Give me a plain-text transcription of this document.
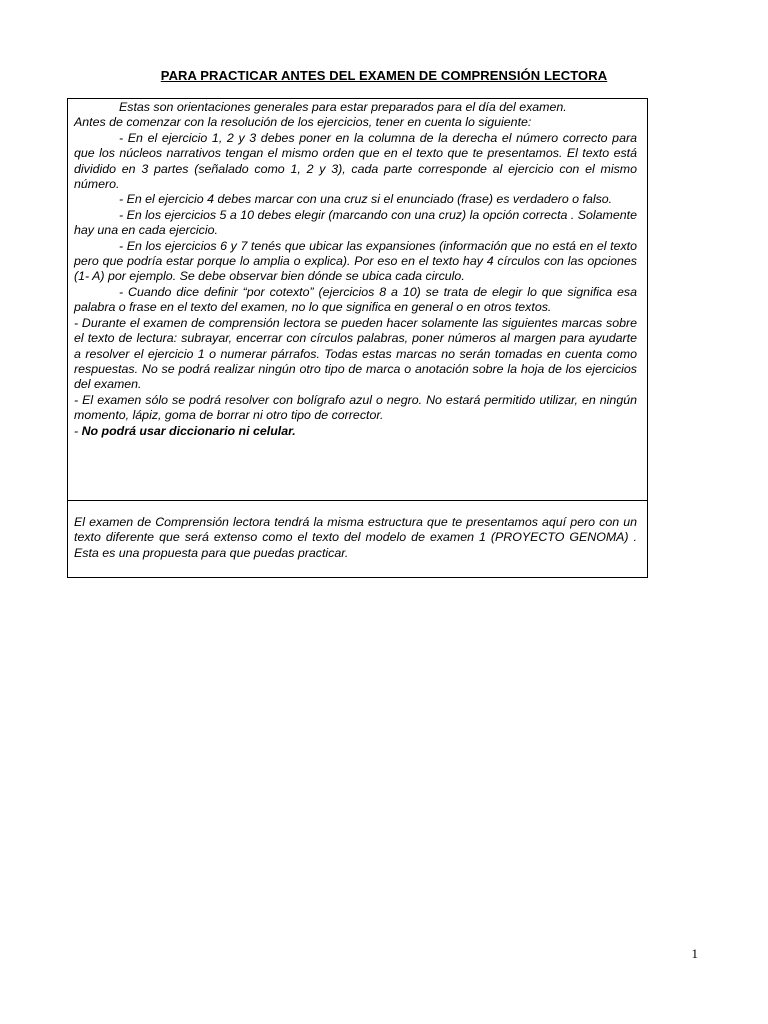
PARA PRACTICAR ANTES DEL EXAMEN DE COMPRENSIÓN LECTORA

Estas son orientaciones generales para estar preparados para el día del examen.

Antes de comenzar con la resolución de los ejercicios, tener en cuenta lo siguiente:

- En el ejercicio 1, 2 y 3 debes poner en la columna de la derecha el número correcto para que los núcleos narrativos tengan el mismo orden que en el texto que te presentamos. El texto está dividido en 3 partes (señalado como 1, 2 y 3), cada parte corresponde al ejercicio con el mismo número.

- En el ejercicio 4 debes marcar con una cruz si el enunciado (frase) es verdadero o falso.

- En los ejercicios 5 a 10 debes elegir (marcando con una cruz) la opción correcta . Solamente hay una en cada ejercicio.

- En los ejercicios 6 y 7 tenés que ubicar las expansiones (información que no está en el texto pero que podría estar porque lo amplia o explica). Por eso en el texto hay 4 círculos con las opciones (1- A) por ejemplo. Se debe observar bien dónde se ubica cada circulo.

- Cuando dice definir “por cotexto” (ejercicios 8 a 10) se trata de elegir lo que significa esa palabra o frase en el texto del examen, no lo que significa en general o en otros textos.

- Durante el examen de comprensión lectora se pueden hacer solamente las siguientes marcas sobre el texto de lectura: subrayar, encerrar con círculos palabras, poner números al margen para ayudarte a resolver el ejercicio 1 o numerar párrafos. Todas estas marcas no serán tomadas en cuenta como respuestas. No se podrá realizar ningún otro tipo de marca o anotación sobre la hoja de los ejercicios del examen.

- El examen sólo se podrá resolver con bolígrafo azul o negro. No estará permitido utilizar, en ningún momento, lápiz, goma de borrar ni otro tipo de corrector.

- No podrá usar diccionario ni celular.

El examen de Comprensión lectora tendrá la misma estructura que te presentamos aquí pero con un texto diferente que será extenso como el texto del modelo de examen 1 (PROYECTO GENOMA) . Esta es una propuesta para que puedas practicar.
1
